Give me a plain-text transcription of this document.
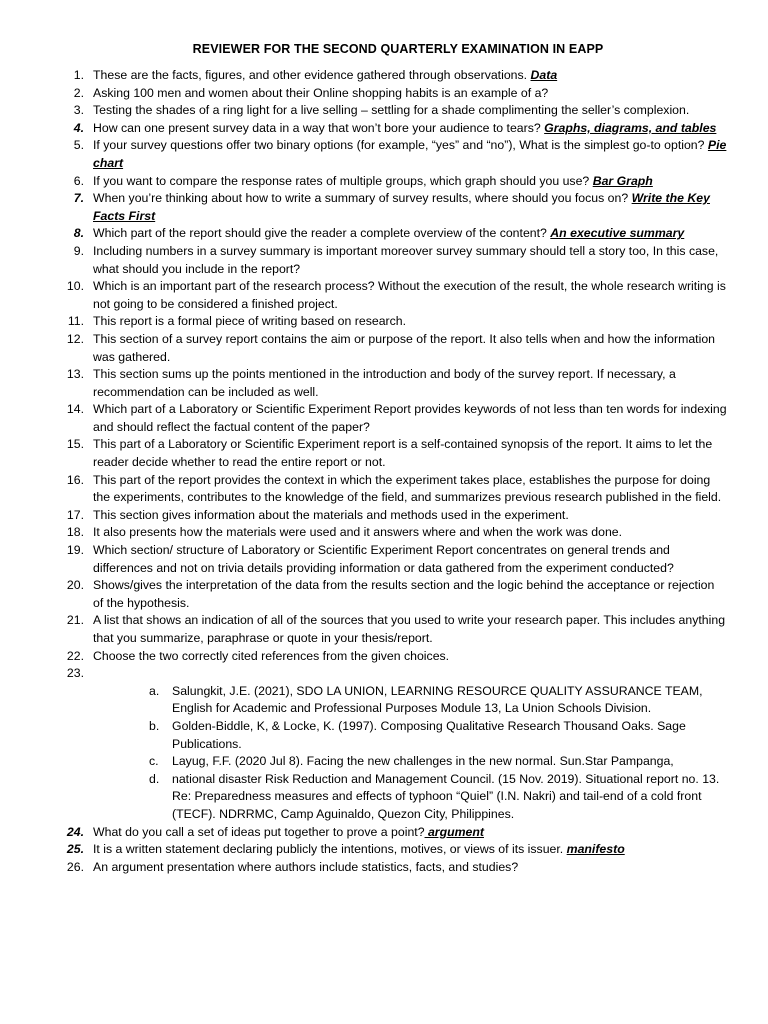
REVIEWER FOR THE SECOND QUARTERLY EXAMINATION IN EAPP
1. These are the facts, figures, and other evidence gathered through observations. Data
2. Asking 100 men and women about their Online shopping habits is an example of a?
3. Testing the shades of a ring light for a live selling – settling for a shade complimenting the seller’s complexion.
4. How can one present survey data in a way that won’t bore your audience to tears? Graphs, diagrams, and tables
5. If your survey questions offer two binary options (for example, “yes” and “no”), What is the simplest go-to option? Pie chart
6. If you want to compare the response rates of multiple groups, which graph should you use? Bar Graph
7. When you’re thinking about how to write a summary of survey results, where should you focus on? Write the Key Facts First
8. Which part of the report should give the reader a complete overview of the content? An executive summary
9. Including numbers in a survey summary is important moreover survey summary should tell a story too, In this case, what should you include in the report?
10. Which is an important part of the research process? Without the execution of the result, the whole research writing is not going to be considered a finished project.
11. This report is a formal piece of writing based on research.
12. This section of a survey report contains the aim or purpose of the report. It also tells when and how the information was gathered.
13. This section sums up the points mentioned in the introduction and body of the survey report. If necessary, a recommendation can be included as well.
14. Which part of a Laboratory or Scientific Experiment Report provides keywords of not less than ten words for indexing and should reflect the factual content of the paper?
15. This part of a Laboratory or Scientific Experiment report is a self-contained synopsis of the report. It aims to let the reader decide whether to read the entire report or not.
16. This part of the report provides the context in which the experiment takes place, establishes the purpose for doing the experiments, contributes to the knowledge of the field, and summarizes previous research published in the field.
17. This section gives information about the materials and methods used in the experiment.
18. It also presents how the materials were used and it answers where and when the work was done.
19. Which section/ structure of Laboratory or Scientific Experiment Report concentrates on general trends and differences and not on trivia details providing information or data gathered from the experiment conducted?
20. Shows/gives the interpretation of the data from the results section and the logic behind the acceptance or rejection of the hypothesis.
21. A list that shows an indication of all of the sources that you used to write your research paper. This includes anything that you summarize, paraphrase or quote in your thesis/report.
22. Choose the two correctly cited references from the given choices.
23.

a.	Salungkit, J.E. (2021), SDO LA UNION, LEARNING RESOURCE QUALITY ASSURANCE TEAM, English for Academic and Professional Purposes Module 13, La Union Schools Division.
b.	Golden-Biddle, K, & Locke, K. (1997). Composing Qualitative Research Thousand Oaks. Sage Publications.
c.	Layug, F.F. (2020 Jul 8). Facing the new challenges in the new normal. Sun.Star Pampanga,
d.	national disaster Risk Reduction and Management Council. (15 Nov. 2019). Situational report no. 13. Re: Preparedness measures and effects of typhoon “Quiel” (I.N. Nakri) and tail-end of a cold front (TECF). NDRRMC, Camp Aguinaldo, Quezon City, Philippines.
24. What do you call a set of ideas put together to prove a point? argument
25. It is a written statement declaring publicly the intentions, motives, or views of its issuer. manifesto
26. An argument presentation where authors include statistics, facts, and studies?
